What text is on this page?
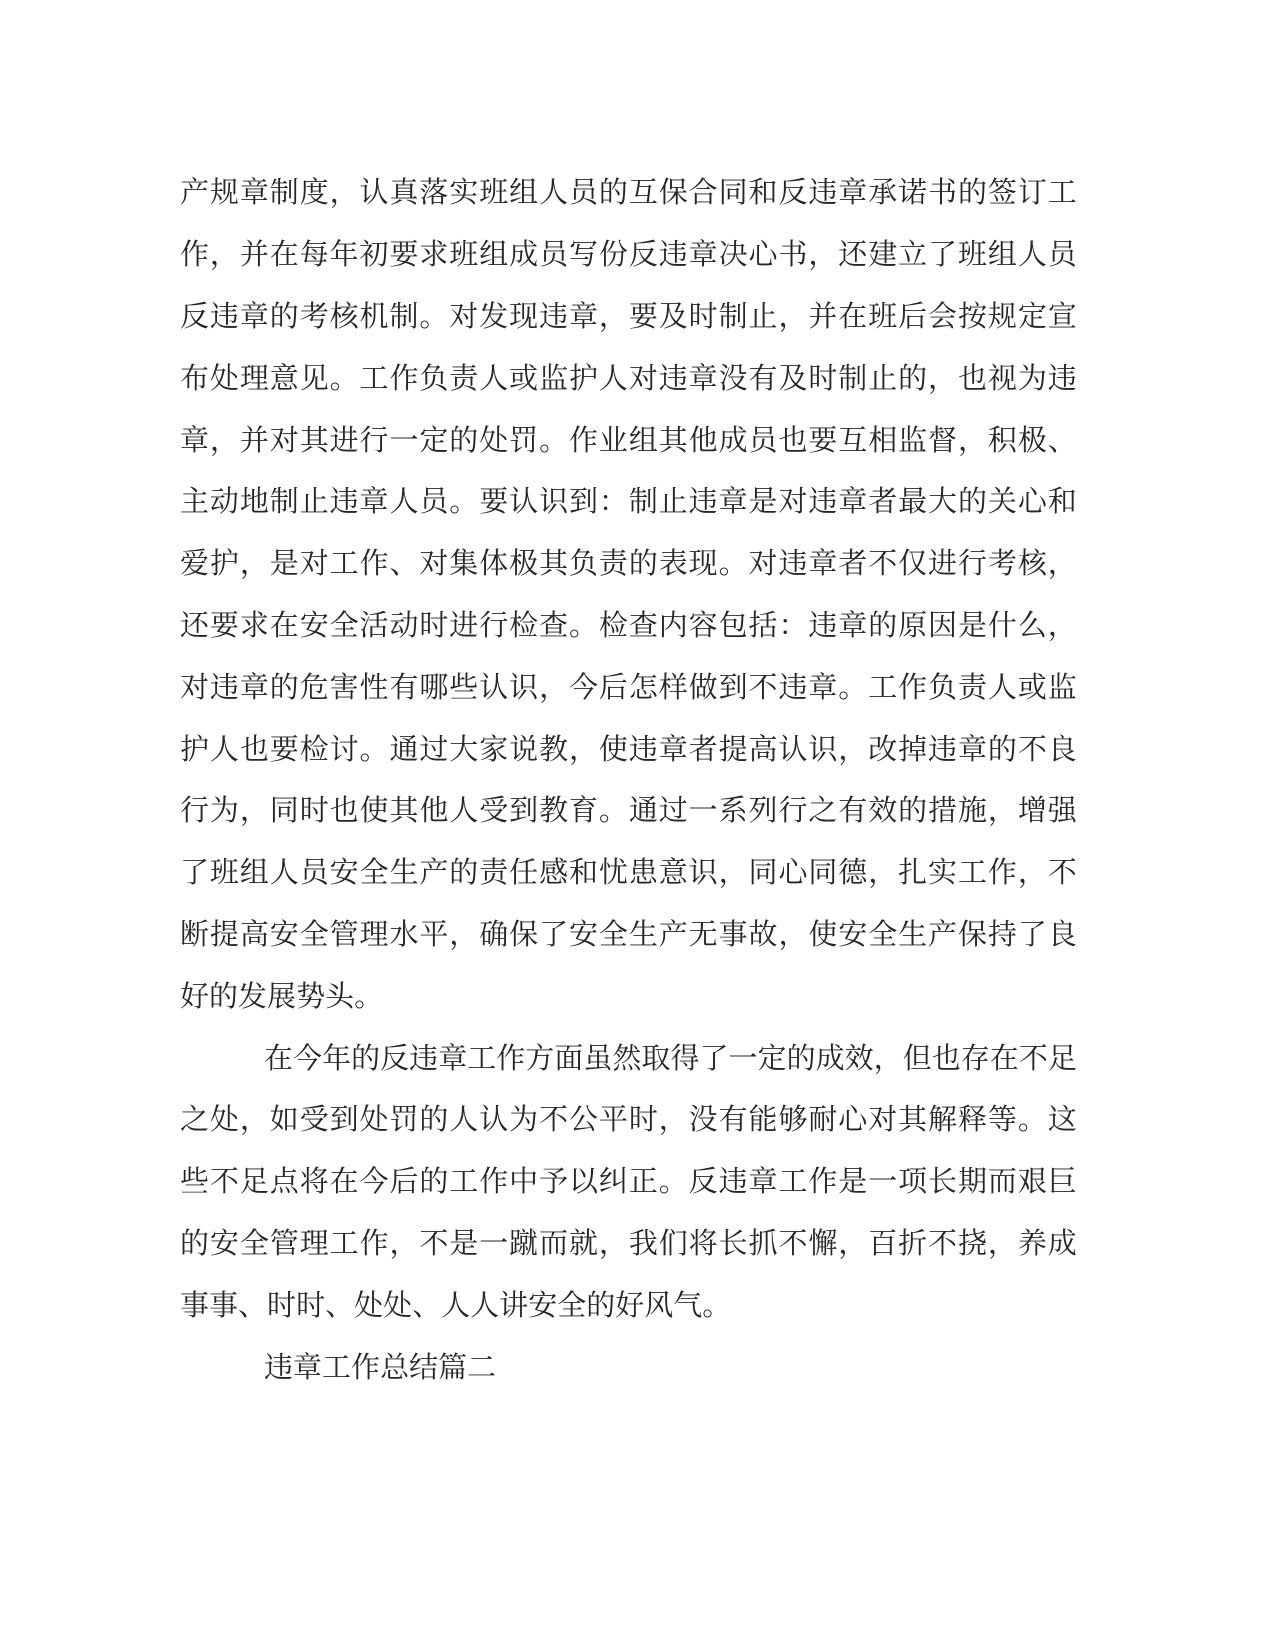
产 规 章 制 度 ， 认 真 落 实 班 组 人 员 的 互 保 合 同 和 反 违 章 承 诺 书 的 签 订 工
作 ， 并 在 每 年 初 要 求 班 组 成 员 写 份 反 违 章 决 心 书 ， 还 建 立 了 班 组 人 员
反 违 章 的 考 核 机 制 。 对 发 现 违 章 ， 要 及 时 制 止 ， 并 在 班 后 会 按 规 定 宣
布 处 理 意 见 。 工 作 负 责 人 或 监 护 人 对 违 章 没 有 及 时 制 止 的 ， 也 视 为 违
章 ， 并 对 其 进 行 一 定 的 处 罚 。 作 业 组 其 他 成 员 也 要 互 相 监 督 ， 积 极 、
主 动 地 制 止 违 章 人 员 。 要 认 识 到 ： 制 止 违 章 是 对 违 章 者 最 大 的 关 心 和
爱 护 ， 是 对 工 作 、 对 集 体 极 其 负 责 的 表 现 。 对 违 章 者 不 仅 进 行 考 核 ，
还 要 求 在 安 全 活 动 时 进 行 检 查 。 检 查 内 容 包 括 ： 违 章 的 原 因 是 什 么 ，
对 违 章 的 危 害 性 有 哪 些 认 识 ， 今 后 怎 样 做 到 不 违 章 。 工 作 负 责 人 或 监
护 人 也 要 检 讨 。 通 过 大 家 说 教 ， 使 违 章 者 提 高 认 识 ， 改 掉 违 章 的 不 良
行 为 ， 同 时 也 使 其 他 人 受 到 教 育 。 通 过 一 系 列 行 之 有 效 的 措 施 ， 增 强
了 班 组 人 员 安 全 生 产 的 责 任 感 和 忧 患 意 识 ， 同 心 同 德 ， 扎 实 工 作 ， 不
断 提 高 安 全 管 理 水 平 ， 确 保 了 安 全 生 产 无 事 故 ， 使 安 全 生 产 保 持 了 良
好 的 发 展 势 头 。
在 今 年 的 反 违 章 工 作 方 面 虽 然 取 得 了 一 定 的 成 效 ， 但 也 存 在 不 足
之 处 ， 如 受 到 处 罚 的 人 认 为 不 公 平 时 ， 没 有 能 够 耐 心 对 其 解 释 等 。 这
些 不 足 点 将 在 今 后 的 工 作 中 予 以 纠 正 。 反 违 章 工 作 是 一 项 长 期 而 艰 巨
的 安 全 管 理 工 作 ， 不 是 一 蹴 而 就 ， 我 们 将 长 抓 不 懈 ， 百 折 不 挠 ， 养 成
事 事 、 时 时 、 处 处 、 人 人 讲 安 全 的 好 风 气 。
违 章 工 作 总 结 篇 二
